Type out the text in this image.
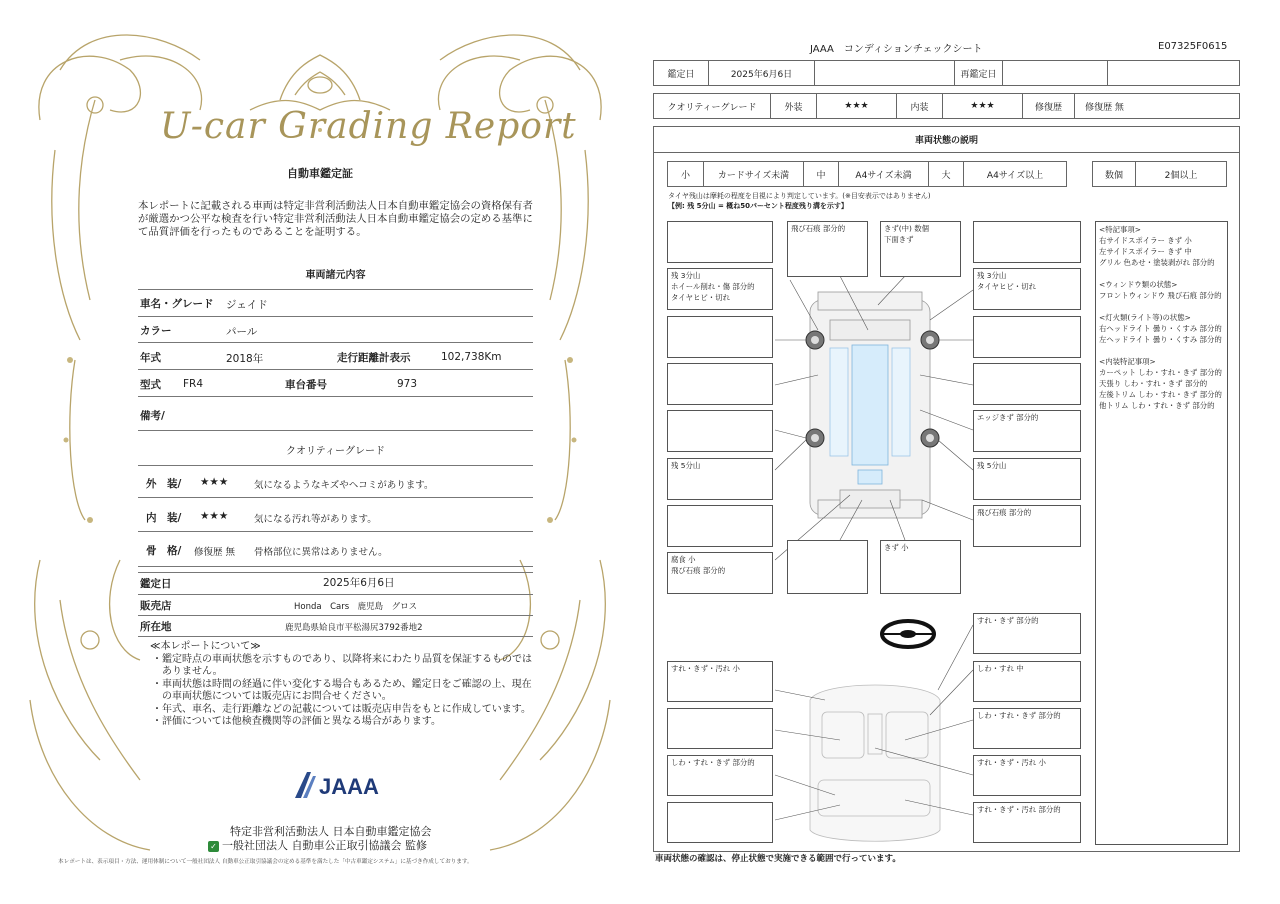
U-car Grading Report
自動車鑑定証
本レポートに記載される車両は特定非営利活動法人日本自動車鑑定協会の資格保有者が厳選かつ公平な検査を行い特定非営利活動法人日本自動車鑑定協会の定める基準にて品質評価を行ったものであることを証明する。
車両諸元内容
車名・グレード ジェイド
カラー	パール
年式	2018年	走行距離計表示	102,738Km
型式 FR4	車台番号	973
備考/
クオリティーグレード
外　装/ ★★★	気になるようなキズやヘコミがあります。
内　装/ ★★★	気になる汚れ等があります。
骨　格/ 修復歴 無 骨格部位に異常はありません。
鑑定日	2025年6月6日
販売店	Honda　Cars　鹿児島　グロス
所在地	鹿児島県姶良市平松湯尻3792番地2
≪本レポートについて≫
・鑑定時点の車両状態を示すものであり、以降将来にわたり品質を保証するものではありません。
・車両状態は時間の経過に伴い変化する場合もあるため、鑑定日をご確認の上、現在の車両状態については販売店にお問合せください。
・年式、車名、走行距離などの記載については販売店申告をもとに作成しています。
・評価については他検査機関等の評価と異なる場合があります。
JAAA
特定非営利活動法人 日本自動車鑑定協会
✓ 一般社団法人 自動車公正取引協議会 監修
本レポートは、表示項目・方法、運用体制について一般社団法人 自動車公正取引協議会の定める基準を満たした「中古車鑑定システム」に基づき作成しております。
JAAA　コンディションチェックシート	E07325F0615
鑑定日	2025年6月6日	再鑑定日
クオリティーグレード	外装	★★★	内装	★★★	修復歴	修復歴 無
車両状態の説明
小	カードサイズ未満	中	A4サイズ未満	大	A4サイズ以上	数個	2個以上
タイヤ残山は摩耗の程度を目視により判定しています。(※目安表示ではありません)
【例: 残 5分山 = 概ね50パーセント程度残り溝を示す】
飛び石痕 部分的	きず(中) 数個
下面きず
残 3分山
ホイール削れ・傷 部分的
タイヤヒビ・切れ
残 3分山
タイヤヒビ・切れ
エッジきず 部分的
残 5分山	残 5分山
飛び石痕 部分的
腐食 小
飛び石痕 部分的
きず 小
すれ・きず 部分的
すれ・きず・汚れ 小	しわ・すれ 中
しわ・すれ・きず 部分的
しわ・すれ・きず 部分的	すれ・きず・汚れ 小
すれ・きず・汚れ 部分的
<特記事項>
右サイドスポイラー きず 小
左サイドスポイラー きず 中
グリル 色あせ・塗装剥がれ 部分的
<ウィンドウ類の状態>
フロントウィンドウ 飛び石痕 部分的
<灯火類(ライト等)の状態>
右ヘッドライト 曇り・くすみ 部分的
左ヘッドライト 曇り・くすみ 部分的
<内装特記事項>
カーペット しわ・すれ・きず 部分的
天張り しわ・すれ・きず 部分的
左後トリム しわ・すれ・きず 部分的
他トリム しわ・すれ・きず 部分的
車両状態の確認は、停止状態で実施できる範囲で行っています。
